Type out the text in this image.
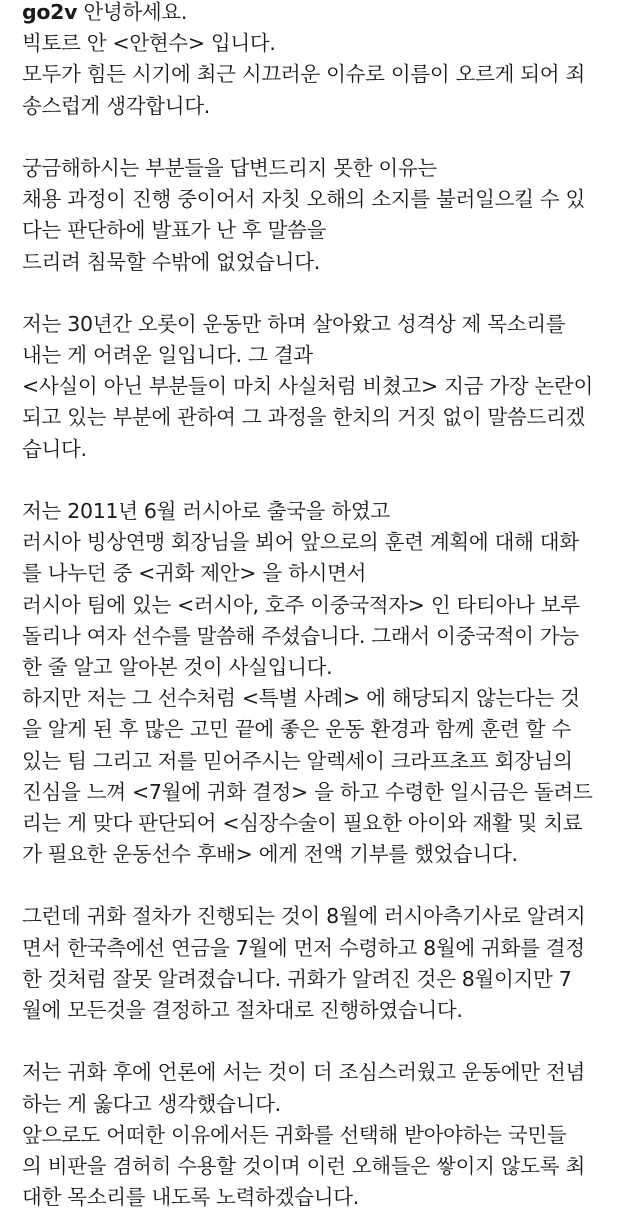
go2v 안녕하세요.
빅토르 안 <안현수> 입니다.
모두가 힘든 시기에 최근 시끄러운 이슈로 이름이 오르게 되어 죄
송스럽게 생각합니다.
궁금해하시는 부분들을 답변드리지 못한 이유는
채용 과정이 진행 중이어서 자칫 오해의 소지를 불러일으킬 수 있
다는 판단하에 발표가 난 후 말씀을
드리려 침묵할 수밖에 없었습니다.
저는 30년간 오롯이 운동만 하며 살아왔고 성격상 제 목소리를
내는 게 어려운 일입니다. 그 결과
<사실이 아닌 부분들이 마치 사실처럼 비쳤고> 지금 가장 논란이
되고 있는 부분에 관하여 그 과정을 한치의 거짓 없이 말씀드리겠
습니다.
저는 2011년 6월 러시아로 출국을 하였고
러시아 빙상연맹 회장님을 뵈어 앞으로의 훈련 계획에 대해 대화
를 나누던 중 <귀화 제안> 을 하시면서
러시아 팀에 있는 <러시아, 호주 이중국적자> 인 타티아나 보루
돌리나 여자 선수를 말씀해 주셨습니다. 그래서 이중국적이 가능
한 줄 알고 알아본 것이 사실입니다.
하지만 저는 그 선수처럼 <특별 사례> 에 해당되지 않는다는 것
을 알게 된 후 많은 고민 끝에 좋은 운동 환경과 함께 훈련 할 수
있는 팀 그리고 저를 믿어주시는 알렉세이 크라프초프 회장님의
진심을 느껴 <7월에 귀화 결정> 을 하고 수령한 일시금은 돌려드
리는 게 맞다 판단되어 <심장수술이 필요한 아이와 재활 및 치료
가 필요한 운동선수 후배> 에게 전액 기부를 했었습니다.
그런데 귀화 절차가 진행되는 것이 8월에 러시아측기사로 알려지
면서 한국측에선 연금을 7월에 먼저 수령하고 8월에 귀화를 결정
한 것처럼 잘못 알려졌습니다. 귀화가 알려진 것은 8월이지만 7
월에 모든것을 결정하고 절차대로 진행하였습니다.
저는 귀화 후에 언론에 서는 것이 더 조심스러웠고 운동에만 전념
하는 게 옳다고 생각했습니다.
앞으로도 어떠한 이유에서든 귀화를 선택해 받아야하는 국민들
의 비판을 겸허히 수용할 것이며 이런 오해들은 쌓이지 않도록 최
대한 목소리를 내도록 노력하겠습니다.
